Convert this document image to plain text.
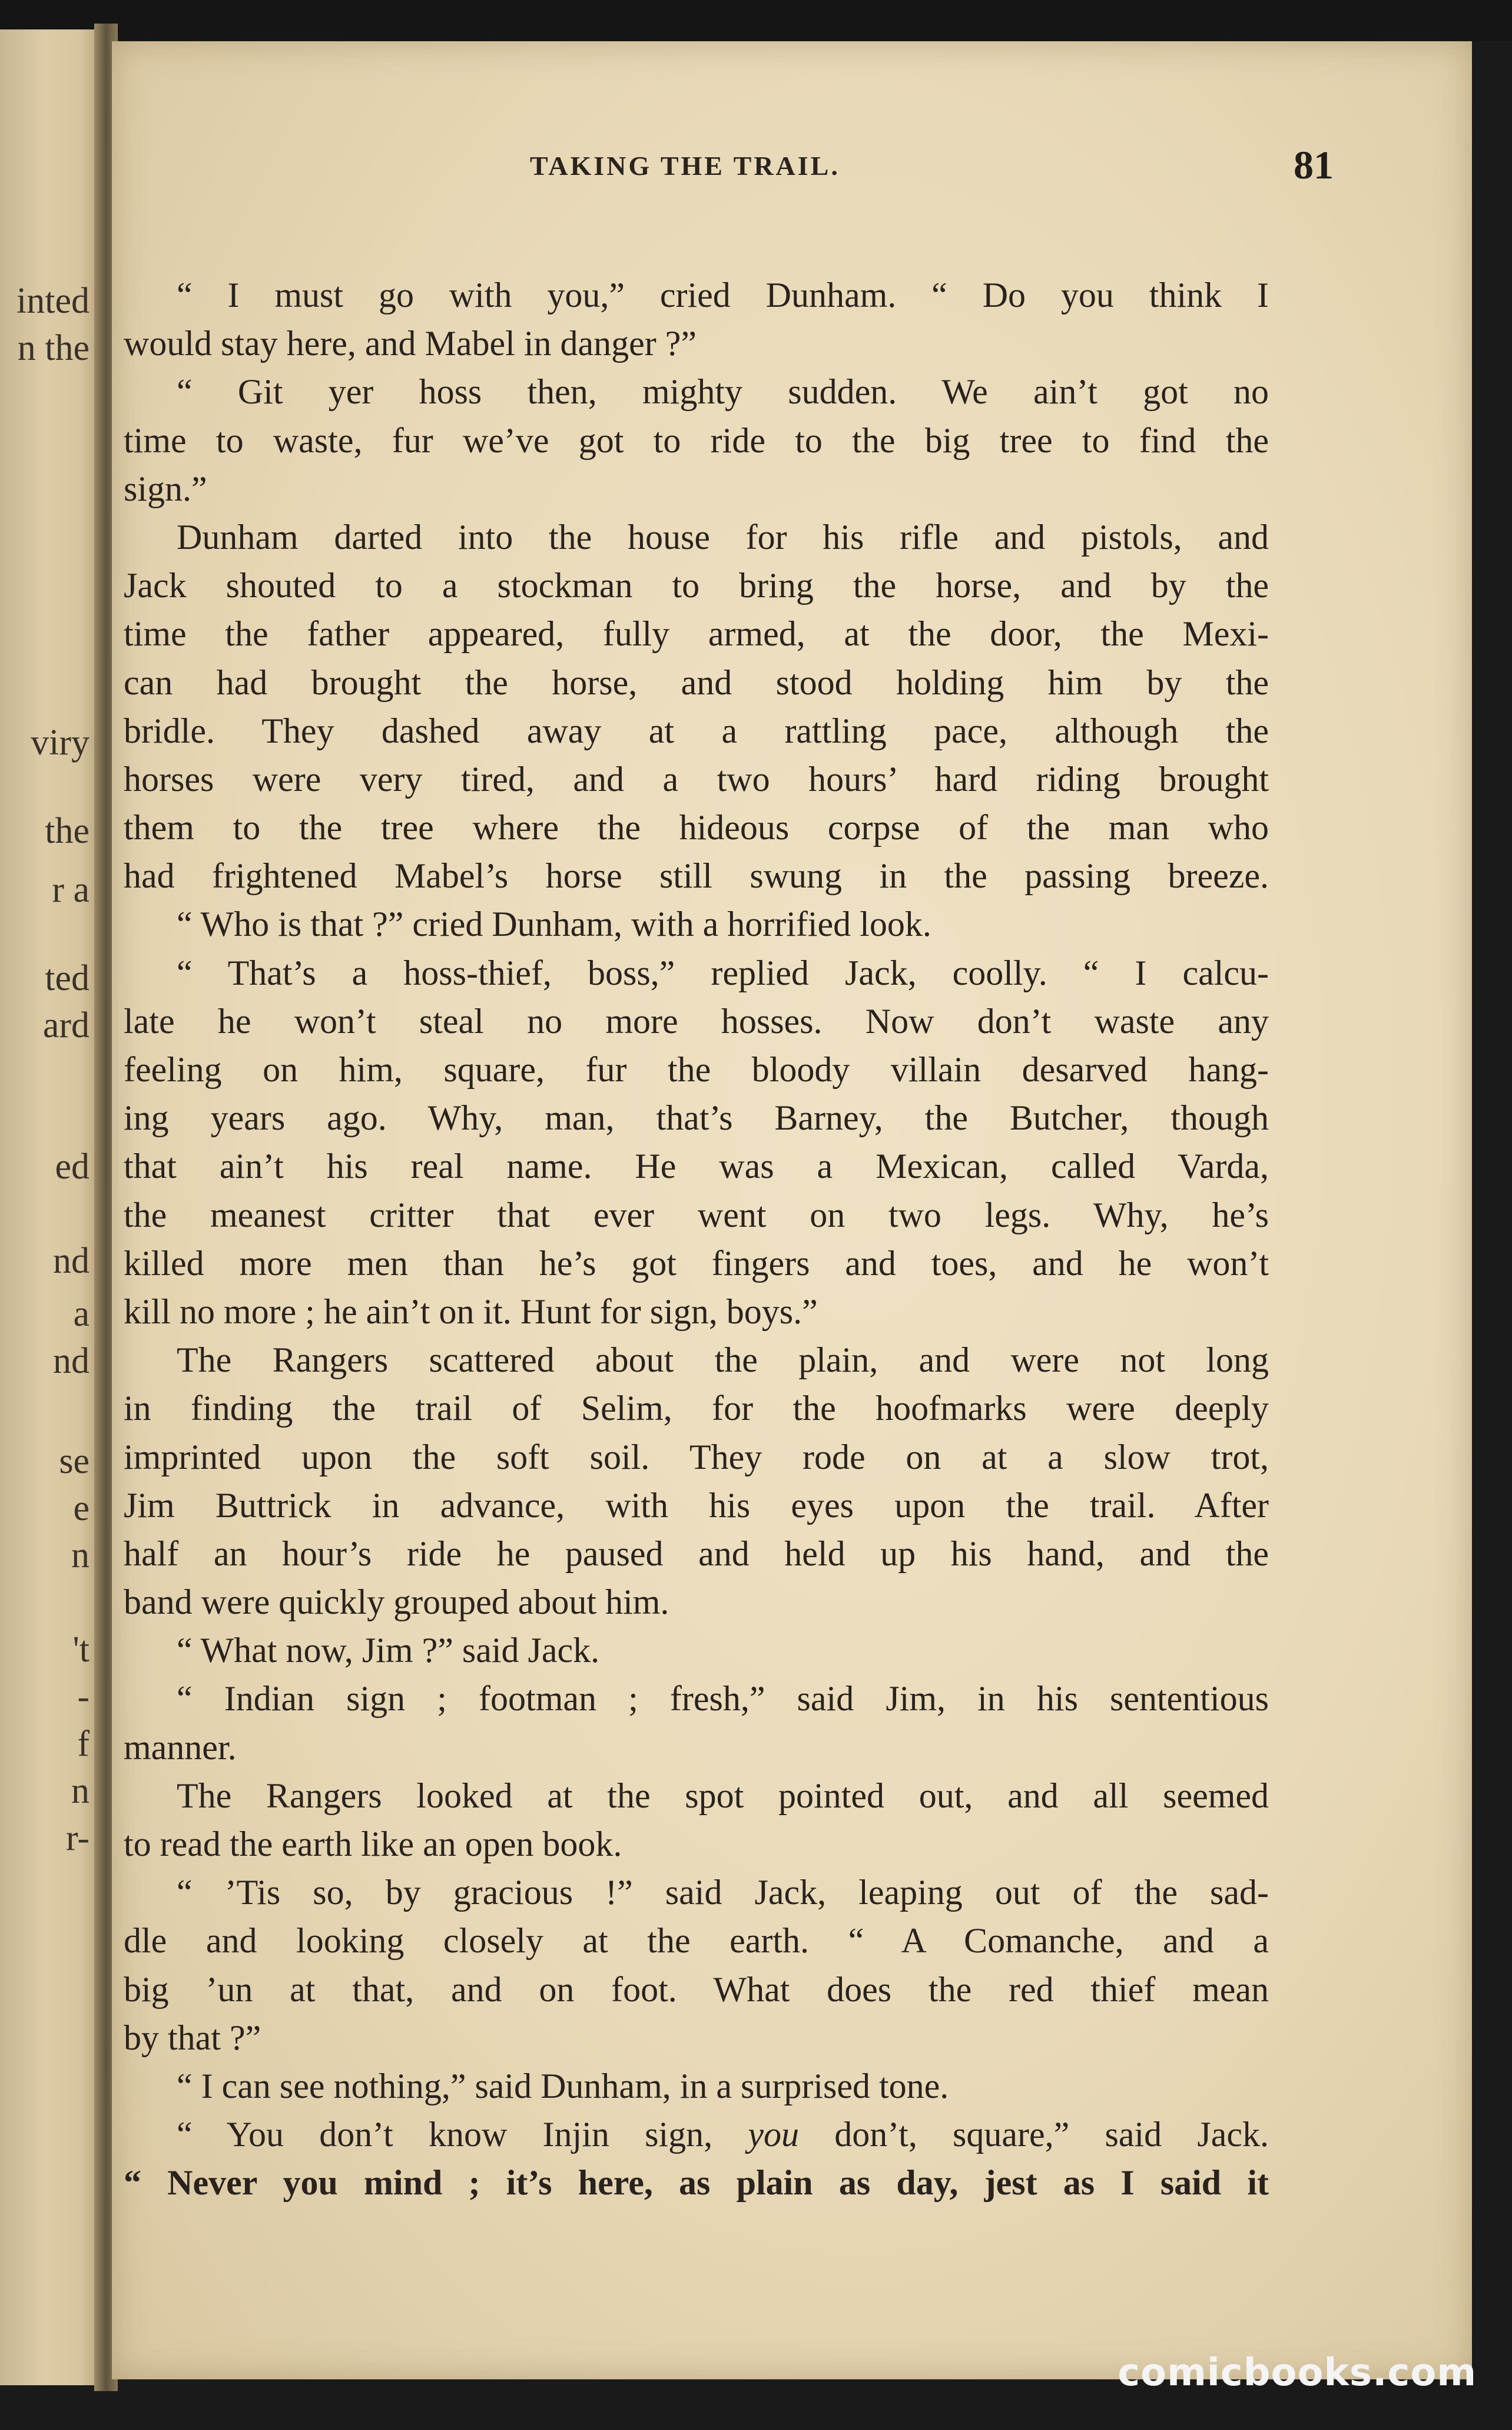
inted
n the
viry
the
r a
ted
ard
ed
nd
a
nd
se
e
n
't
-
f
n
r-
TAKING THE TRAIL.	81
“ I must go with you,” cried Dunham. “ Do you think I
would stay here, and Mabel in danger ?”
“ Git yer hoss then, mighty sudden. We ain’t got no
time to waste, fur we’ve got to ride to the big tree to find the
sign.”
Dunham darted into the house for his rifle and pistols, and
Jack shouted to a stockman to bring the horse, and by the
time the father appeared, fully armed, at the door, the Mexi-
can had brought the horse, and stood holding him by the
bridle. They dashed away at a rattling pace, although the
horses were very tired, and a two hours’ hard riding brought
them to the tree where the hideous corpse of the man who
had frightened Mabel’s horse still swung in the passing breeze.
“ Who is that ?” cried Dunham, with a horrified look.
“ That’s a hoss-thief, boss,” replied Jack, coolly. “ I calcu-
late he won’t steal no more hosses. Now don’t waste any
feeling on him, square, fur the bloody villain desarved hang-
ing years ago. Why, man, that’s Barney, the Butcher, though
that ain’t his real name. He was a Mexican, called Varda,
the meanest critter that ever went on two legs. Why, he’s
killed more men than he’s got fingers and toes, and he won’t
kill no more ; he ain’t on it. Hunt for sign, boys.”
The Rangers scattered about the plain, and were not long
in finding the trail of Selim, for the hoofmarks were deeply
imprinted upon the soft soil. They rode on at a slow trot,
Jim Buttrick in advance, with his eyes upon the trail. After
half an hour’s ride he paused and held up his hand, and the
band were quickly grouped about him.
“ What now, Jim ?” said Jack.
“ Indian sign ; footman ; fresh,” said Jim, in his sententious
manner.
The Rangers looked at the spot pointed out, and all seemed
to read the earth like an open book.
“ ’Tis so, by gracious !” said Jack, leaping out of the sad-
dle and looking closely at the earth. “ A Comanche, and a
big ’un at that, and on foot. What does the red thief mean
by that ?”
“ I can see nothing,” said Dunham, in a surprised tone.
“ You don’t know Injin sign, you don’t, square,” said Jack.
“ Never you mind ; it’s here, as plain as day, jest as I said it
comicbooks.com
